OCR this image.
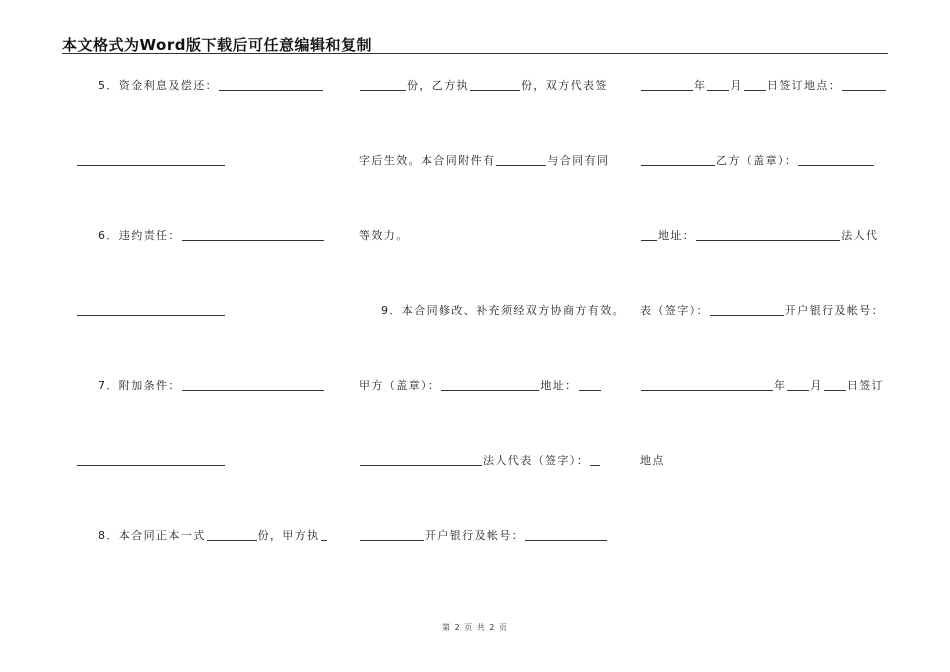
本文格式为Word版下载后可任意编辑和复制
5．资金利息及偿还：
6．违约责任：
7．附加条件：
8．本合同正本一式	份，甲方执
份，乙方执	份，双方代表签
字后生效。本合同附件有	与合同有同
等效力。
9．本合同修改、补充须经双方协商方有效。
甲方（盖章）：	地址：
法人代表（签字）：
开户银行及帐号：
年 月 日签订地点：
乙方（盖章）：
地址：	法人代
表（签字）：	开户银行及帐号：
年 月 日签订
地点
第 2 页 共 2 页
